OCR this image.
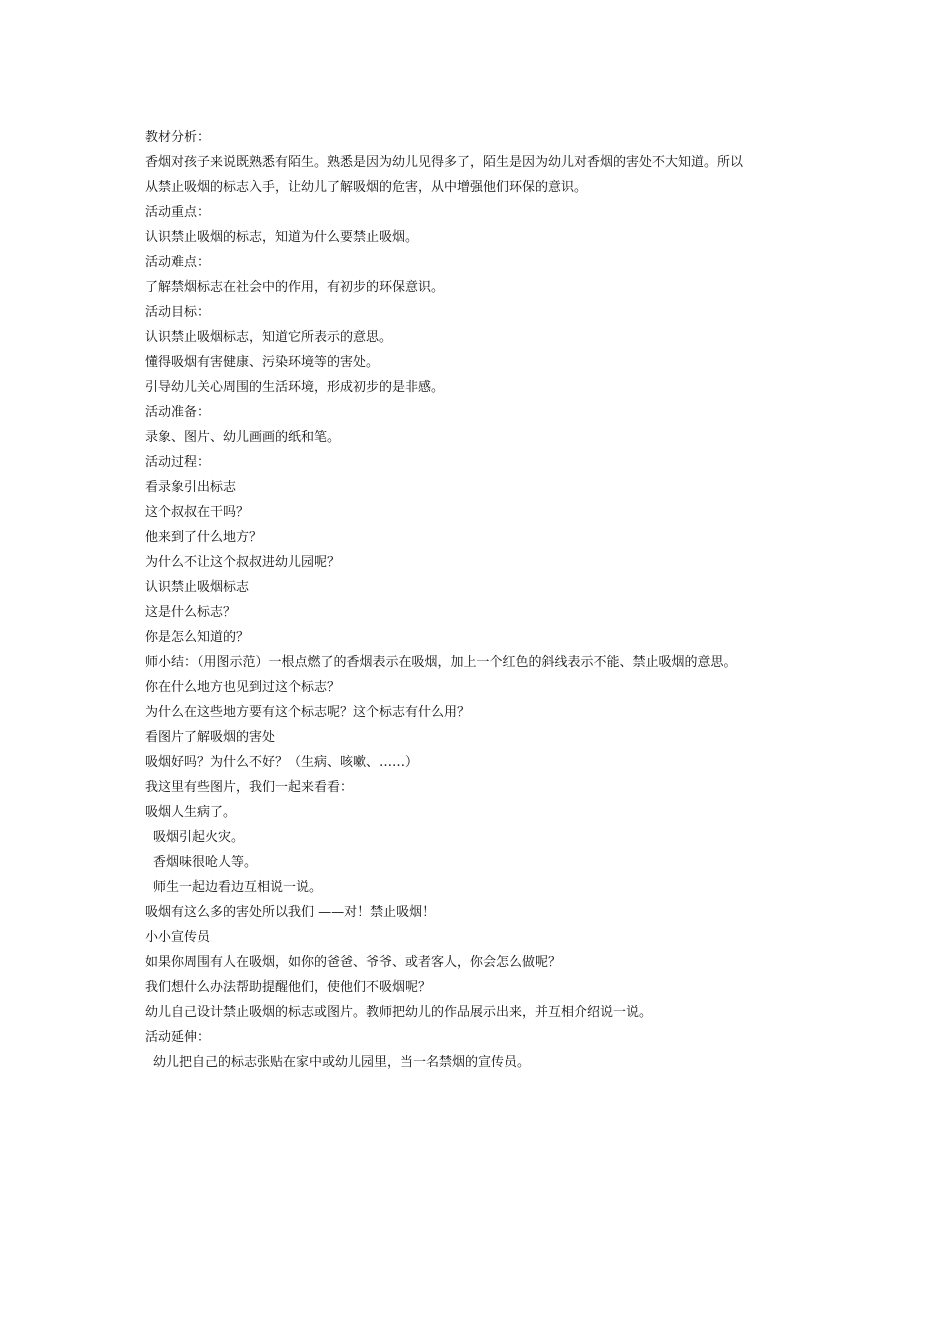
教材分析：

香烟对孩子来说既熟悉有陌生。熟悉是因为幼儿见得多了，陌生是因为幼儿对香烟的害处不大知道。所以

从禁止吸烟的标志入手，让幼儿了解吸烟的危害，从中增强他们环保的意识。

活动重点：

认识禁止吸烟的标志，知道为什么要禁止吸烟。

活动难点：

了解禁烟标志在社会中的作用，有初步的环保意识。

活动目标：

认识禁止吸烟标志，知道它所表示的意思。

懂得吸烟有害健康、污染环境等的害处。

引导幼儿关心周围的生活环境，形成初步的是非感。

活动准备：

录象、图片、幼儿画画的纸和笔。

活动过程：

看录象引出标志

这个叔叔在干吗？

他来到了什么地方？

为什么不让这个叔叔进幼儿园呢？

认识禁止吸烟标志

这是什么标志？

你是怎么知道的？

师小结：（用图示范）一根点燃了的香烟表示在吸烟，加上一个红色的斜线表示不能、禁止吸烟的意思。

你在什么地方也见到过这个标志？

为什么在这些地方要有这个标志呢？这个标志有什么用？

看图片了解吸烟的害处

吸烟好吗？为什么不好？（生病、咳嗽、……）

我这里有些图片，我们一起来看看：

吸烟人生病了。

吸烟引起火灾。

香烟味很呛人等。

师生一起边看边互相说一说。

吸烟有这么多的害处所以我们 ——对！禁止吸烟！

小小宣传员

如果你周围有人在吸烟，如你的爸爸、爷爷、或者客人，你会怎么做呢？

我们想什么办法帮助提醒他们，使他们不吸烟呢？

幼儿自己设计禁止吸烟的标志或图片。教师把幼儿的作品展示出来，并互相介绍说一说。

活动延伸：

幼儿把自己的标志张贴在家中或幼儿园里，当一名禁烟的宣传员。
